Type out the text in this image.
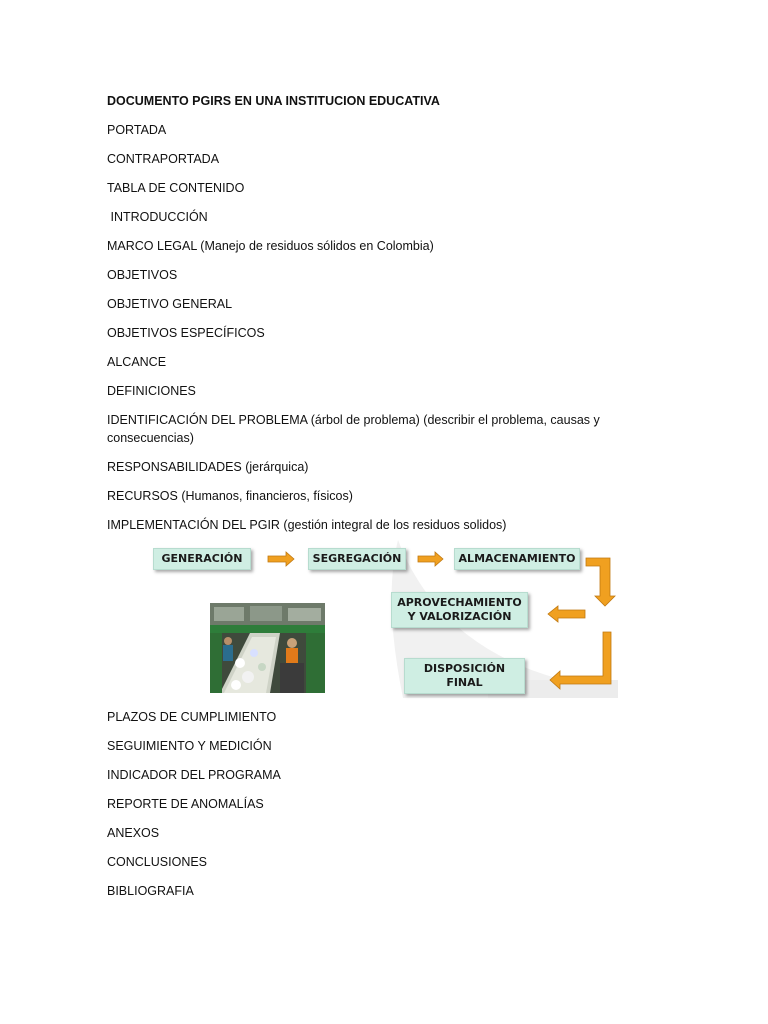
DOCUMENTO PGIRS EN UNA INSTITUCION EDUCATIVA
PORTADA
CONTRAPORTADA
TABLA DE CONTENIDO
INTRODUCCIÓN
MARCO LEGAL (Manejo de residuos sólidos en Colombia)
OBJETIVOS
OBJETIVO GENERAL
OBJETIVOS ESPECÍFICOS
ALCANCE
DEFINICIONES
IDENTIFICACIÓN DEL PROBLEMA (árbol de problema) (describir el problema, causas y consecuencias)
RESPONSABILIDADES (jerárquica)
RECURSOS (Humanos, financieros, físicos)
IMPLEMENTACIÓN DEL PGIR (gestión integral de los residuos solidos)
PLAZOS DE CUMPLIMIENTO
SEGUIMIENTO Y MEDICIÓN
INDICADOR DEL PROGRAMA
REPORTE DE ANOMALÍAS
ANEXOS
CONCLUSIONES
BIBLIOGRAFIA
GENERACIÓN	SEGREGACIÓN	ALMACENAMIENTO
APROVECHAMIENTO
Y VALORIZACIÓN
DISPOSICIÓN
FINAL
